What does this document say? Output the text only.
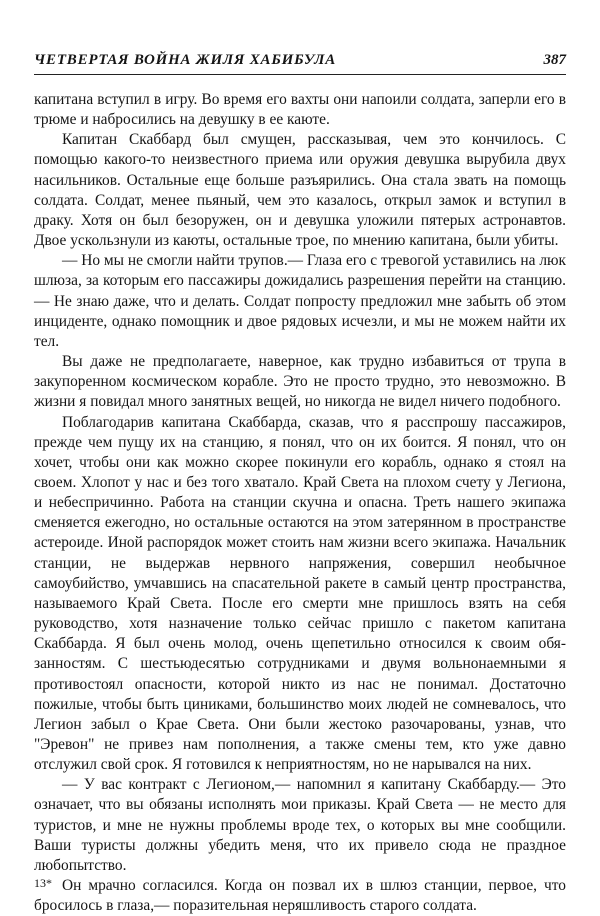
ЧЕТВЕРТАЯ ВОЙНА ЖИЛЯ ХАБИБУЛА	387

капитана вступил в игру. Во время его вахты они напоили солдата, заперли его в трюме и набросились на девушку в ее каюте.

Капитан Скаббард был смущен, рассказывая, чем это кончилось. С помощью какого-то неизвестного приема или оружия девушка вырубила двух насильников. Остальные еще больше разъярились. Она стала звать на помощь солдата. Солдат, менее пьяный, чем это казалось, открыл замок и вступил в драку. Хотя он был безоружен, он и девушка уложили пятерых астронавтов. Двое ускользнули из каюты, остальные трое, по мнению капитана, были убиты.

— Но мы не смогли найти трупов.— Глаза его с тревогой уставились на люк шлюза, за которым его пассажиры дожидались разрешения перейти на станцию.— Не знаю даже, что и делать. Солдат попросту предложил мне забыть об этом инциденте, однако помощник и двое рядовых исчезли, и мы не можем найти их тел.

Вы даже не предполагаете, наверное, как трудно избавиться от трупа в закупоренном космическом корабле. Это не просто трудно, это невозможно. В жизни я повидал много занятных вещей, но никогда не видел ничего подобного.

Поблагодарив капитана Скаббарда, сказав, что я расспрошу пассажиров, прежде чем пущу их на станцию, я понял, что он их боится. Я понял, что он хочет, чтобы они как можно скорее покинули его корабль, однако я стоял на своем. Хлопот у нас и без того хватало. Край Света на плохом счету у Легиона, и небеспричинно. Работа на станции скучна и опасна. Треть нашего экипажа сменяется ежегодно, но остальные остаются на этом затерянном в пространстве астероиде. Иной распорядок может стоить нам жизни всего экипажа. Начальник станции, не выдержав нервного напряжения, совершил необычное самоубийство, умчавшись на спасательной ракете в самый центр пространства, называемого Край Света. После его смерти мне пришлось взять на себя руководство, хотя назначение только сейчас пришло с пакетом капитана Скаббарда. Я был очень молод, очень щепетильно относился к своим обязанностям. С шестьюдесятью сотрудниками и двумя вольнонаемными я противостоял опасности, которой никто из нас не понимал. Достаточно пожилые, чтобы быть циниками, большинство моих людей не сомневалось, что Легион забыл о Крае Света. Они были жестоко разочарованы, узнав, что "Эревон" не привез нам пополнения, а также смены тем, кто уже давно отслужил свой срок. Я готовился к неприятностям, но не нарывался на них.

— У вас контракт с Легионом,— напомнил я капитану Скаббарду.— Это означает, что вы обязаны исполнять мои приказы. Край Света — не место для туристов, и мне не нужны проблемы вроде тех, о которых вы мне сообщили. Ваши туристы должны убедить меня, что их привело сюда не праздное любопытство.

Он мрачно согласился. Когда он позвал их в шлюз станции, первое, что бросилось в глаза,— поразительная неряшливость старого солдата.

13*
